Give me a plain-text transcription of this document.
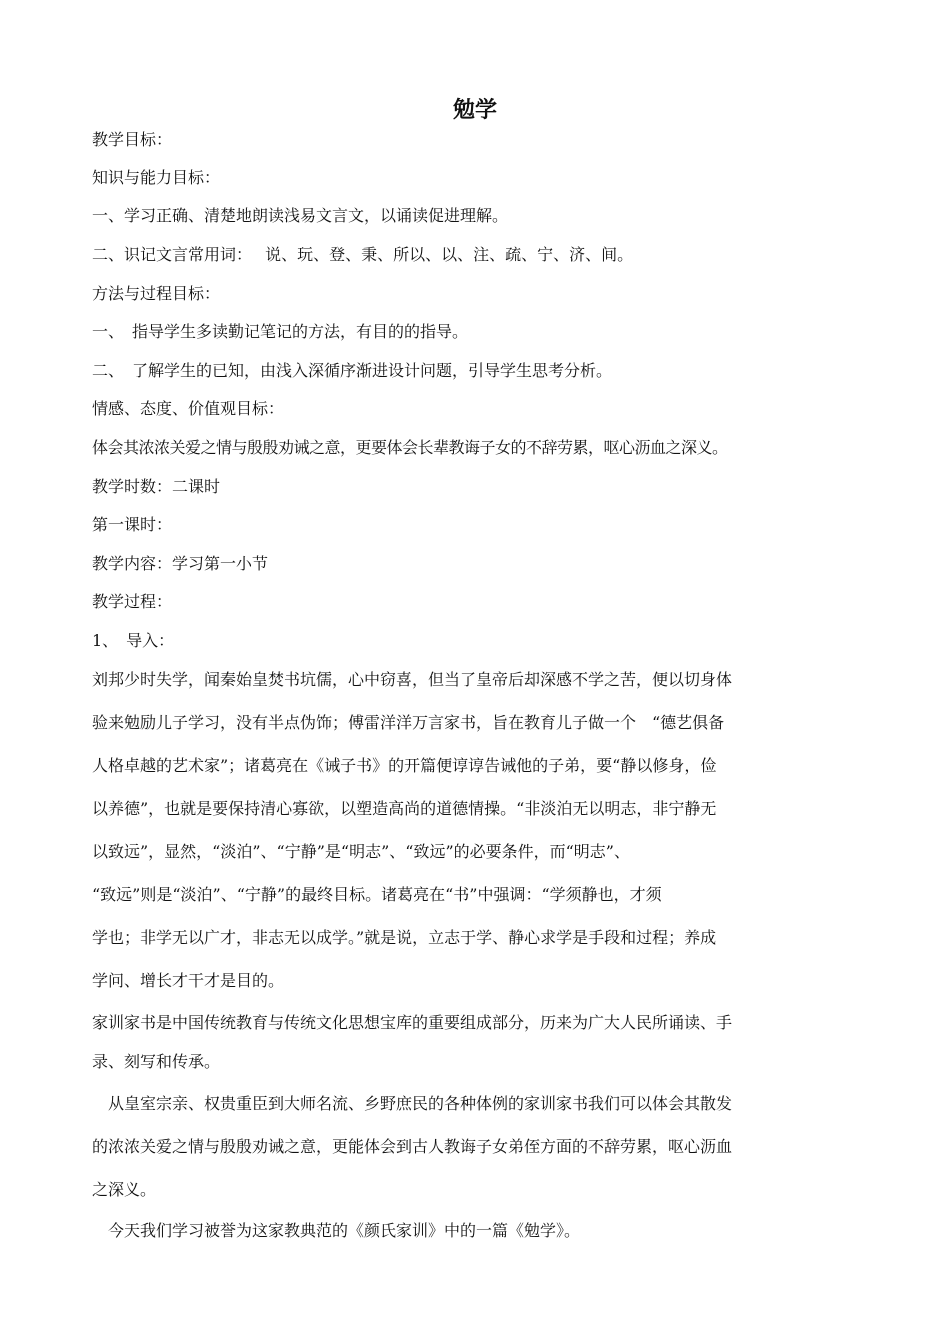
勉学
教学目标：
知识与能力目标：
一、学习正确、清楚地朗读浅易文言文，以诵读促进理解。
二、识记文言常用词：　 说、玩、登、秉、所以、以、注、疏、宁、济、间。
方法与过程目标：
一、　指导学生多读勤记笔记的方法，有目的的指导。
二、　了解学生的已知，由浅入深循序渐进设计问题，引导学生思考分析。
情感、态度、价值观目标：
体会其浓浓关爱之情与殷殷劝诫之意，更要体会长辈教诲子女的不辞劳累，呕心沥血之深义。
教学时数：二课时
第一课时：
教学内容：学习第一小节
教学过程：
1、　导入：
刘邦少时失学，闻秦始皇焚书坑儒，心中窃喜，但当了皇帝后却深感不学之苦，便以切身体
验来勉励儿子学习，没有半点伪饰；傅雷洋洋万言家书，旨在教育儿子做一个　“德艺俱备
人格卓越的艺术家”；诸葛亮在《诫子书》的开篇便谆谆告诫他的子弟，要“静以修身，俭
以养德”，也就是要保持清心寡欲，以塑造高尚的道德情操。“非淡泊无以明志，非宁静无
以致远”，显然，“淡泊”、“宁静”是“明志”、“致远”的必要条件，而“明志”、
“致远”则是“淡泊”、“宁静”的最终目标。诸葛亮在“书”中强调：“学须静也，才须
学也；非学无以广才，非志无以成学。”就是说，立志于学、静心求学是手段和过程；养成
学问、增长才干才是目的。
家训家书是中国传统教育与传统文化思想宝库的重要组成部分，历来为广大人民所诵读、手
录、刻写和传承。
　从皇室宗亲、权贵重臣到大师名流、乡野庶民的各种体例的家训家书我们可以体会其散发
的浓浓关爱之情与殷殷劝诫之意，更能体会到古人教诲子女弟侄方面的不辞劳累，呕心沥血
之深义。
　今天我们学习被誉为这家教典范的《颜氏家训》中的一篇《勉学》。
